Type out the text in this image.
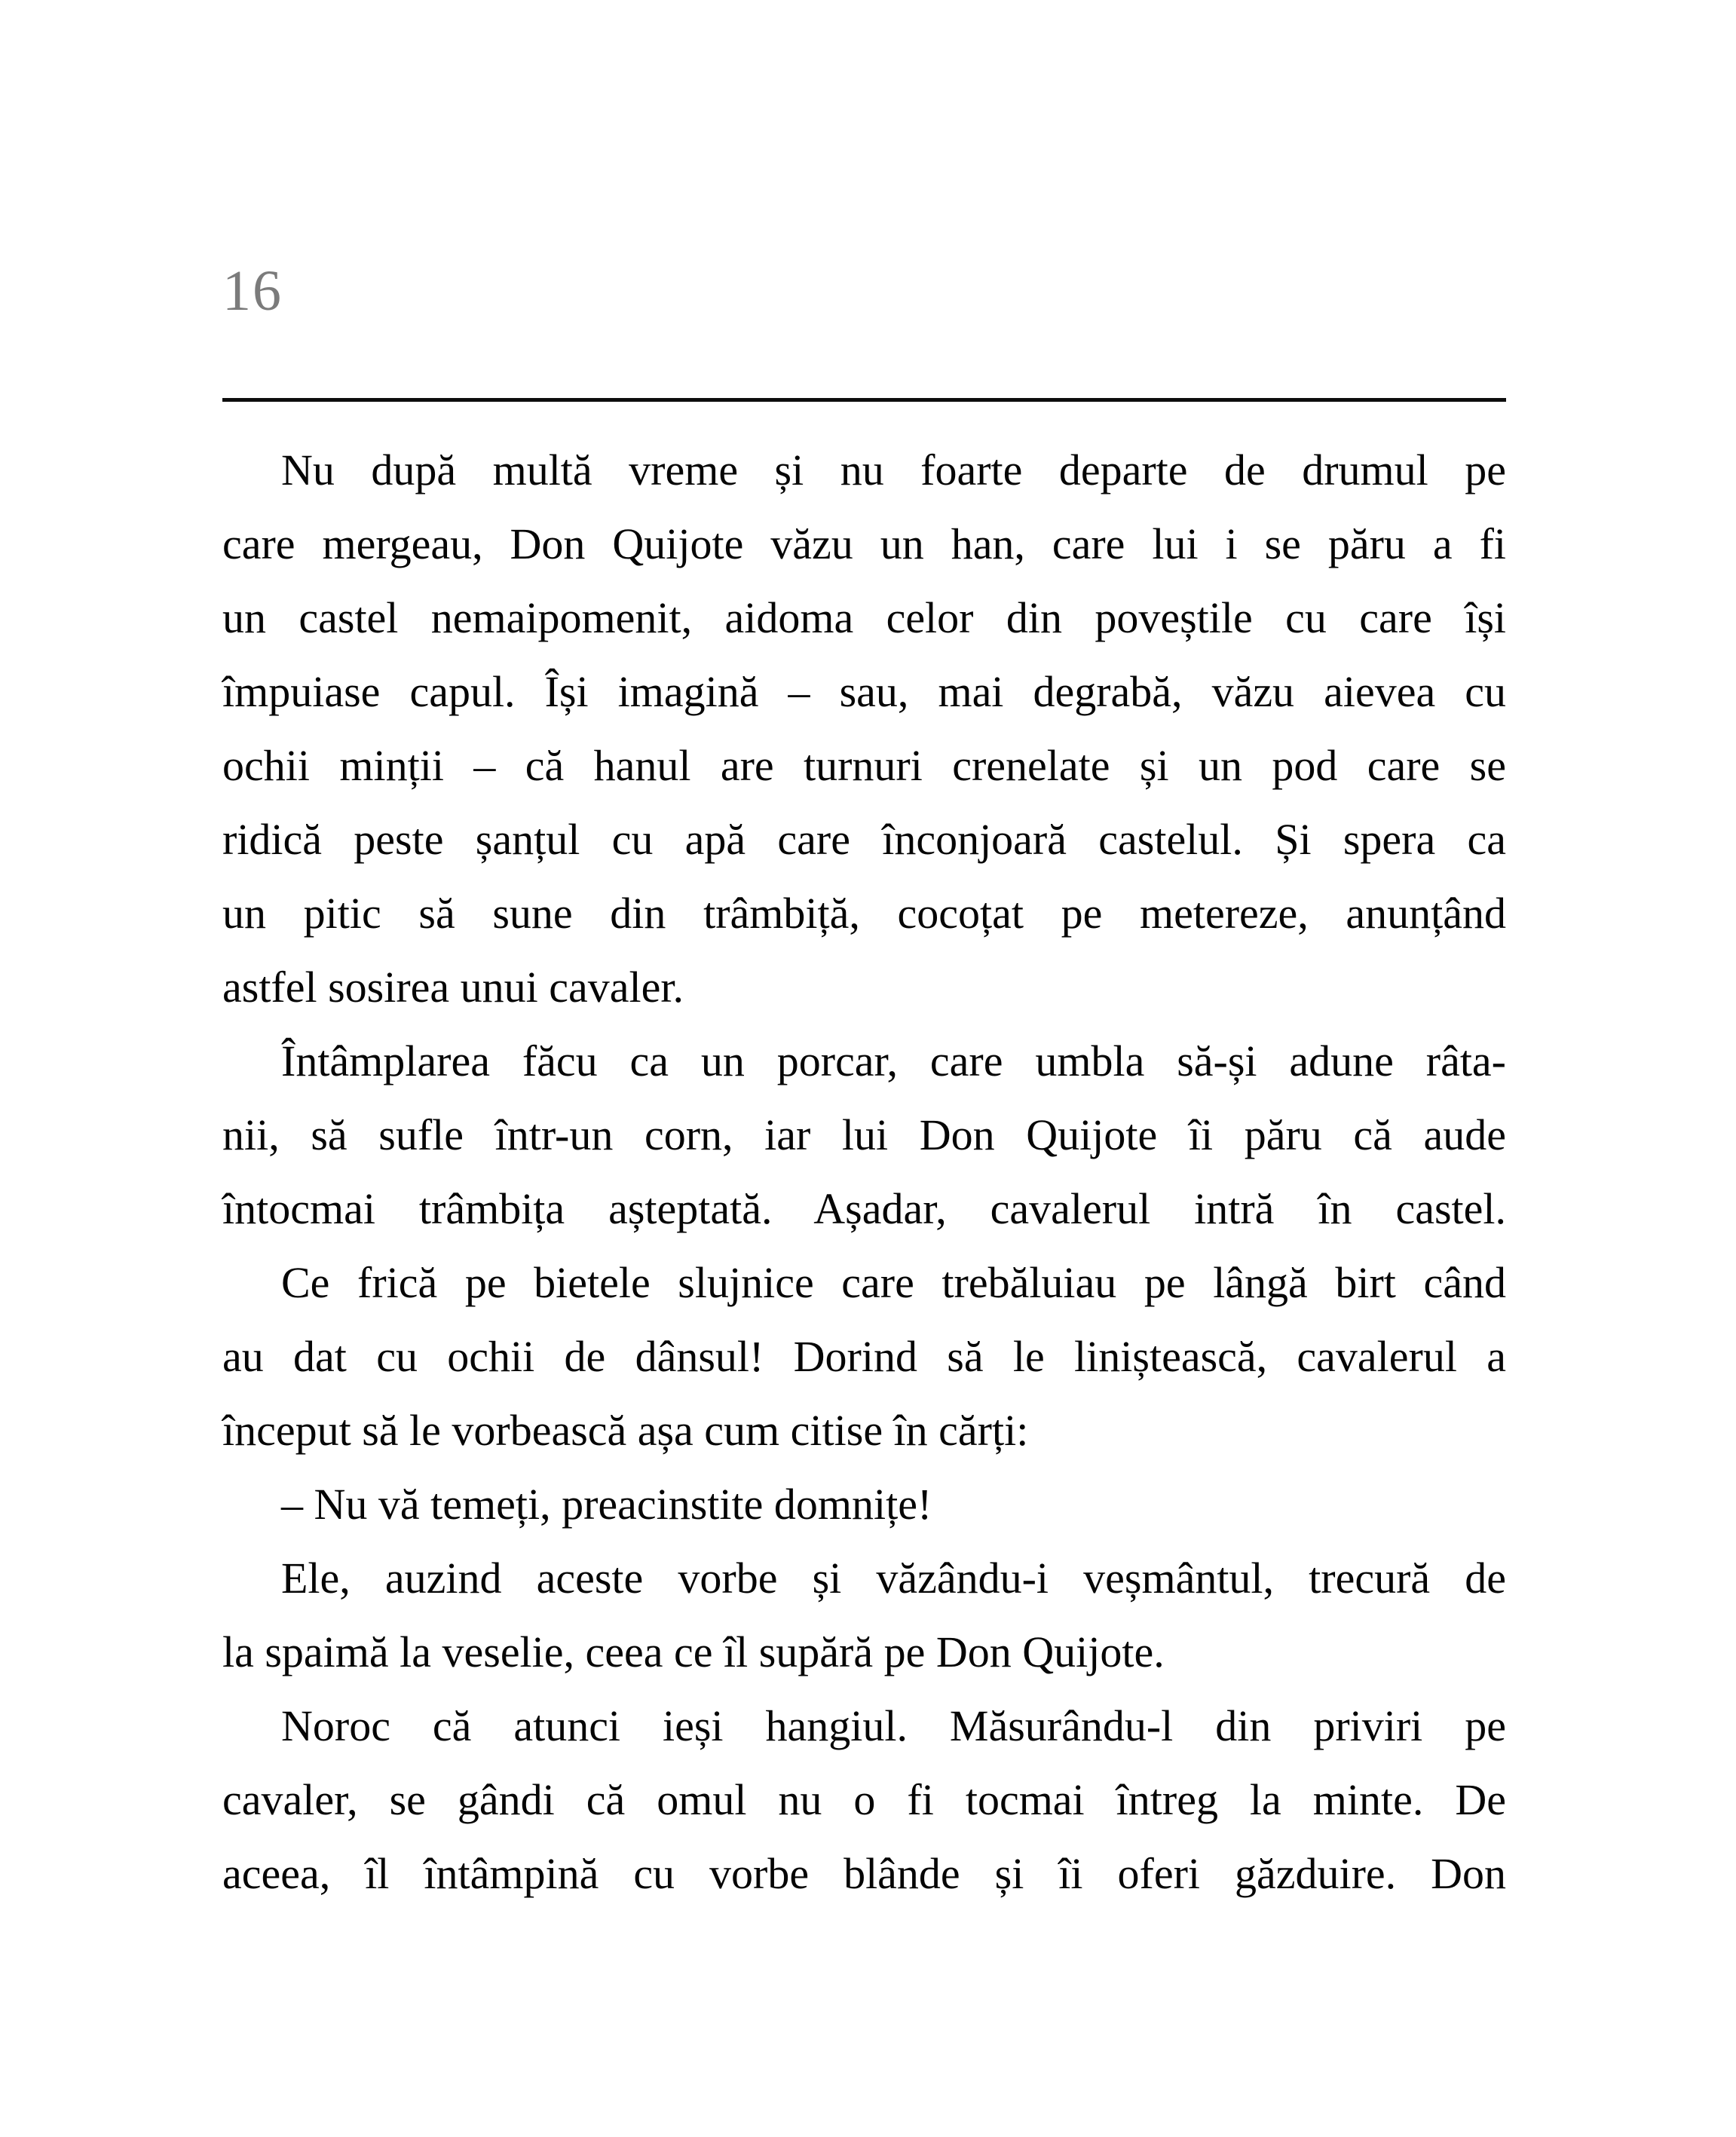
16
Nu după multă vreme și nu foarte departe de drumul pe
care mergeau, Don Quijote văzu un han, care lui i se păru a fi
un castel nemaipomenit, aidoma celor din poveștile cu care își
împuiase capul. Își imagină – sau, mai degrabă, văzu aievea cu
ochii minții – că hanul are turnuri crenelate și un pod care se
ridică peste șanțul cu apă care înconjoară castelul. Și spera ca
un pitic să sune din trâmbiță, cocoțat pe metereze, anunțând
astfel sosirea unui cavaler.
Întâmplarea făcu ca un porcar, care umbla să-și adune râta-
nii, să sufle într-un corn, iar lui Don Quijote îi păru că aude
întocmai trâmbița așteptată. Așadar, cavalerul intră în castel.
Ce frică pe bietele slujnice care trebăluiau pe lângă birt când
au dat cu ochii de dânsul! Dorind să le liniștească, cavalerul a
început să le vorbească așa cum citise în cărți:
– Nu vă temeți, preacinstite domnițe!
Ele, auzind aceste vorbe și văzându-i veșmântul, trecură de
la spaimă la veselie, ceea ce îl supără pe Don Quijote.
Noroc că atunci ieși hangiul. Măsurându-l din priviri pe
cavaler, se gândi că omul nu o fi tocmai întreg la minte. De
aceea, îl întâmpină cu vorbe blânde și îi oferi găzduire. Don
